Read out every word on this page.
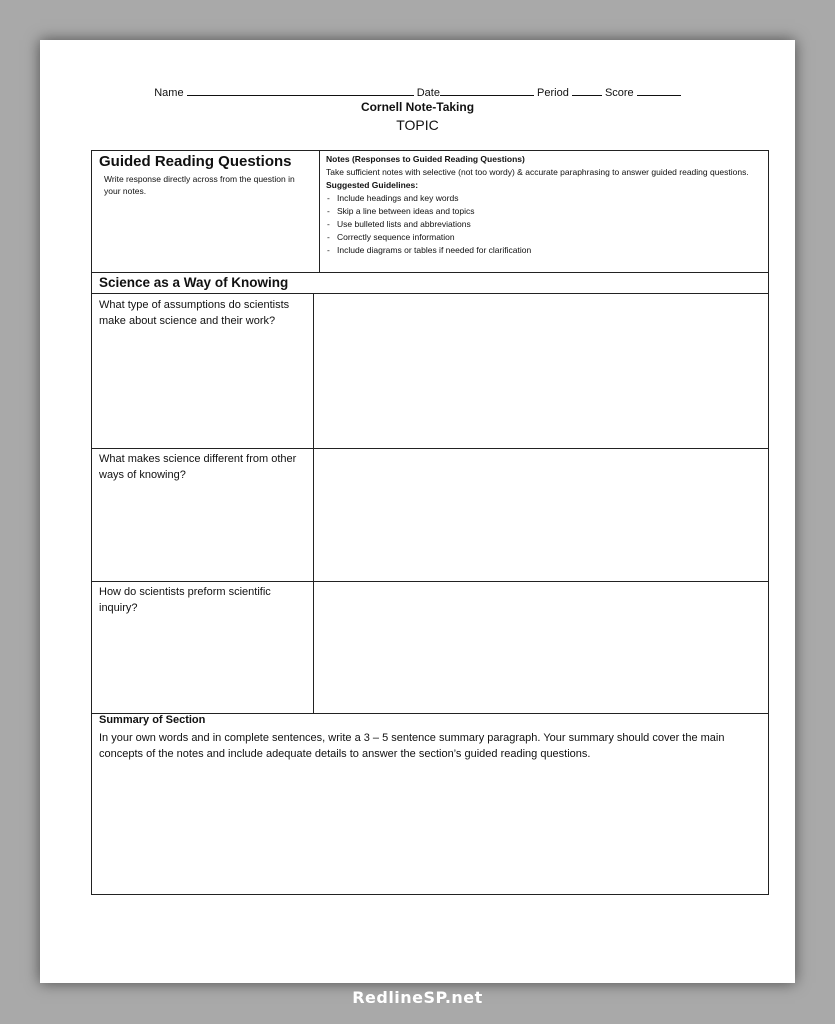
Name	Date	Period	Score
Cornell Note-Taking
TOPIC
Guided Reading Questions
Write response directly across from the question in your notes.
Notes (Responses to Guided Reading Questions)
Take sufficient notes with selective (not too wordy) & accurate paraphrasing to answer guided reading questions.
Suggested Guidelines:
- Include headings and key words
- Skip a line between ideas and topics
- Use bulleted lists and abbreviations
- Correctly sequence information
- Include diagrams or tables if needed for clarification
Science as a Way of Knowing
What type of assumptions do scientists make about science and their work?
What makes science different from other ways of knowing?
How do scientists preform scientific inquiry?
Summary of Section
In your own words and in complete sentences, write a 3 – 5 sentence summary paragraph. Your summary should cover the main concepts of the notes and include adequate details to answer the section’s guided reading questions.
RedlineSP.net
